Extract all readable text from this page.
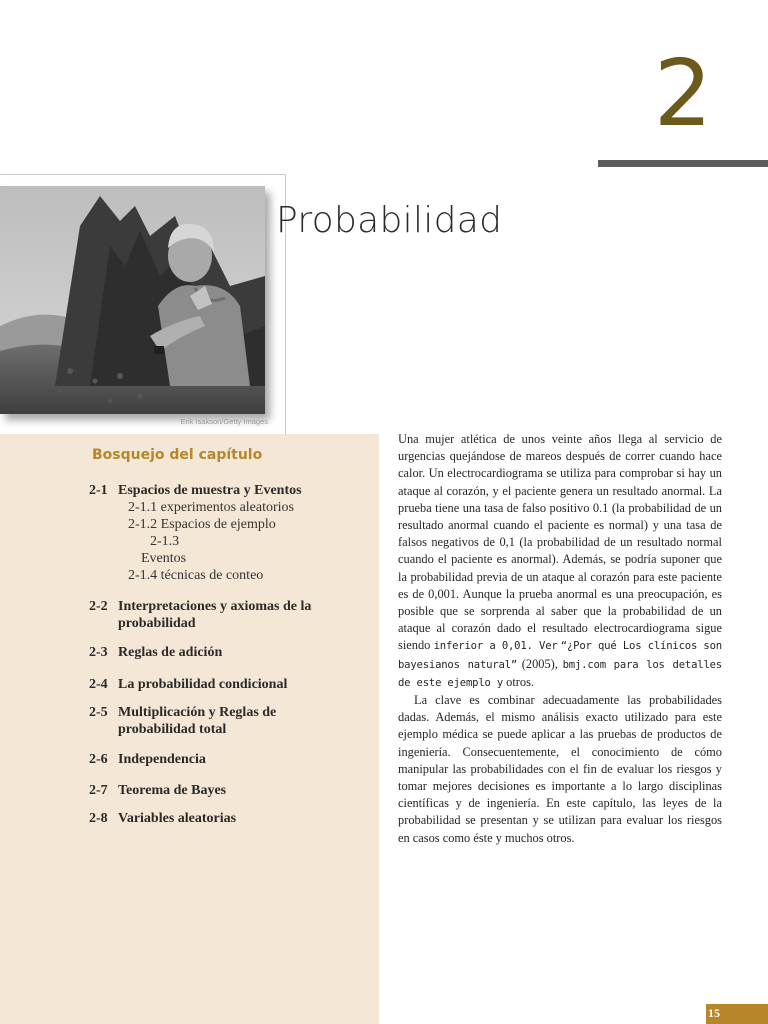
2
Erik Isakson/Getty Images
Probabilidad
Bosquejo del capítulo
2-1 Espacios de muestra y Eventos
2-1.1 experimentos aleatorios
2-1.2 Espacios de ejemplo
2-1.3
Eventos
2-1.4 técnicas de conteo
2-2 Interpretaciones y axiomas de la probabilidad
2-3 Reglas de adición
2-4 La probabilidad condicional
2-5 Multiplicación y Reglas de probabilidad total
2-6 Independencia
2-7 Teorema de Bayes
2-8 Variables aleatorias

Una mujer atlética de unos veinte años llega al servicio de urgencias quejándose de mareos después de correr cuando hace calor. Un electrocardiograma se utiliza para comprobar si hay un ataque al corazón, y el paciente genera un resultado anormal. La prueba tiene una tasa de falso positivo 0.1 (la probabilidad de un resultado anormal cuando el paciente es normal) y una tasa de falsos negativos de 0,1 (la probabilidad de un resultado normal cuando el paciente es anormal). Además, se podría suponer que la probabilidad previa de un ataque al corazón para este paciente es de 0,001. Aunque la prueba anormal es una preocupación, es posible que se sorprenda al saber que la probabilidad de un ataque al corazón dado el resultado electrocardiograma sigue siendo inferior a 0,01. Ver “¿Por qué Los clínicos son bayesianos natural” (2005), bmj.com para los detalles de este ejemplo y otros.

La clave es combinar adecuadamente las probabilidades dadas. Además, el mismo análisis exacto utilizado para este ejemplo médica se puede aplicar a las pruebas de productos de ingeniería. Consecuentemente, el conocimiento de cómo manipular las probabilidades con el fin de evaluar los riesgos y tomar mejores decisiones es importante a lo largo disciplinas científicas y de ingeniería. En este capítulo, las leyes de la probabilidad se presentan y se utilizan para evaluar los riesgos en casos como éste y muchos otros.

15
